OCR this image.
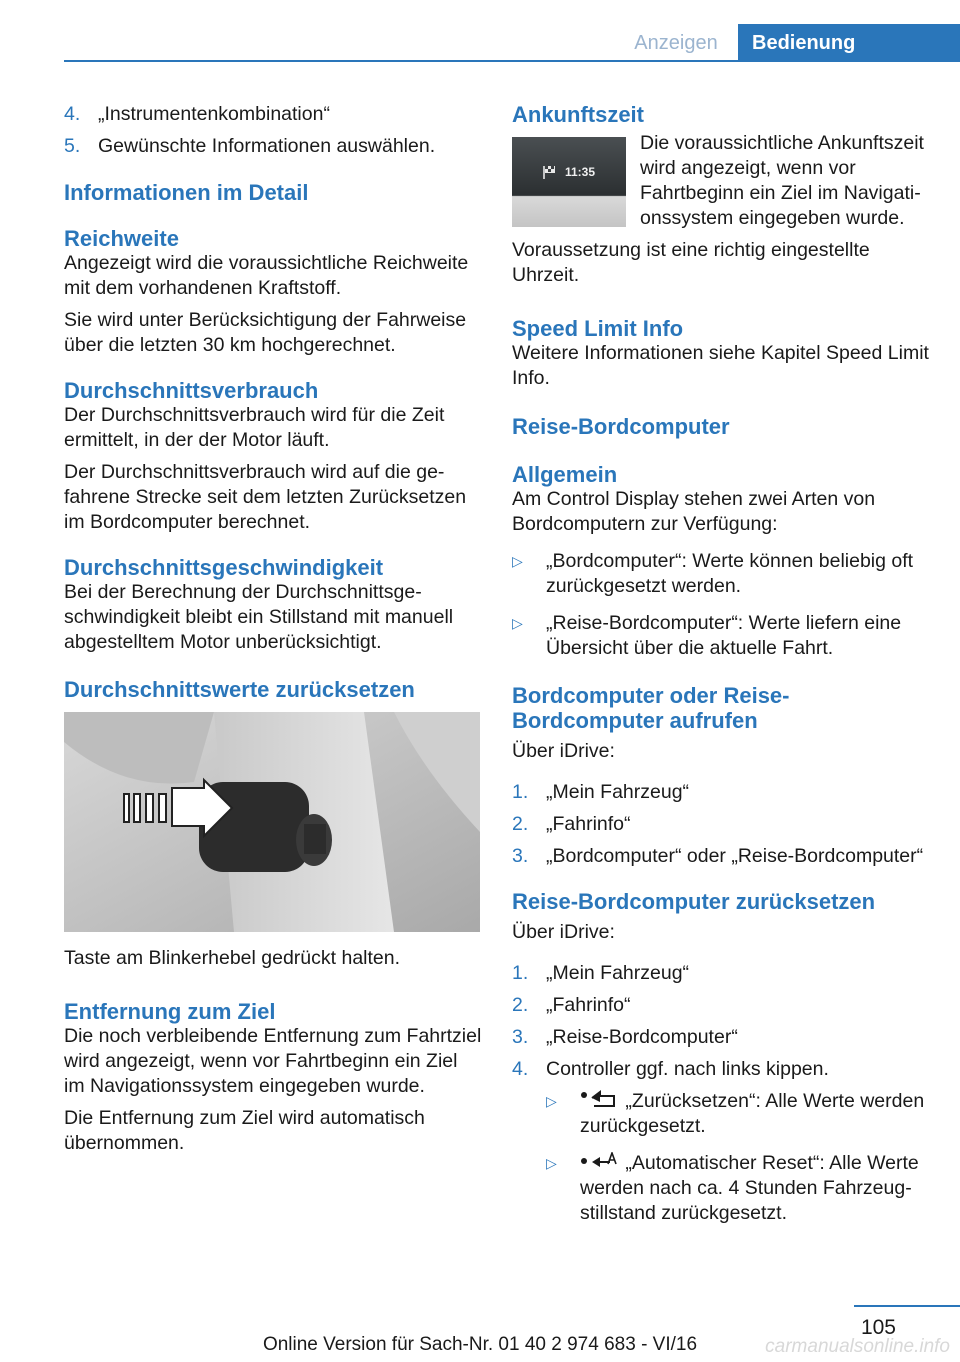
Anzeigen	Bedienung
4. „Instrumentenkombination“
5. Gewünschte Informationen auswählen.
Informationen im Detail
Reichweite

Angezeigt wird die voraussichtliche Reichweite mit dem vorhandenen Kraftstoff.

Sie wird unter Berücksichtigung der Fahrweise über die letzten 30 km hochgerechnet.

Durchschnittsverbrauch

Der Durchschnittsverbrauch wird für die Zeit ermittelt, in der der Motor läuft.

Der Durchschnittsverbrauch wird auf die gefahrene Strecke seit dem letzten Zurücksetzen im Bordcomputer berechnet.

Durchschnittsgeschwindigkeit

Bei der Berechnung der Durchschnittsgeschwindigkeit bleibt ein Stillstand mit manuell abgestelltem Motor unberücksichtigt.

Durchschnittswerte zurücksetzen

Taste am Blinkerhebel gedrückt halten.

Entfernung zum Ziel

Die noch verbleibende Entfernung zum Fahrtziel wird angezeigt, wenn vor Fahrtbeginn ein Ziel im Navigationssystem eingegeben wurde.

Die Entfernung zum Ziel wird automatisch übernommen.

Ankunftszeit
11:35

Die voraussichtliche Ankunftszeit wird angezeigt, wenn vor Fahrtbeginn ein Ziel im Navigationssystem eingegeben wurde.

Voraussetzung ist eine richtig eingestellte Uhrzeit.

Speed Limit Info

Weitere Informationen siehe Kapitel Speed Limit Info.

Reise-Bordcomputer
Allgemein

Am Control Display stehen zwei Arten von Bordcomputern zur Verfügung:

▷ „Bordcomputer“: Werte können beliebig oft zurückgesetzt werden.
▷ „Reise-Bordcomputer“: Werte liefern eine Übersicht über die aktuelle Fahrt.
Bordcomputer oder Reise-Bordcomputer aufrufen

Über iDrive:

1. „Mein Fahrzeug“
2. „Fahrinfo“
3. „Bordcomputer“ oder „Reise-Bordcomputer“
Reise-Bordcomputer zurücksetzen

Über iDrive:

1. „Mein Fahrzeug“
2. „Fahrinfo“
3. „Reise-Bordcomputer“
4. Controller ggf. nach links kippen.
▷	„Zurücksetzen“: Alle Werte werden zurückgesetzt.
▷	„Automatischer Reset“: Alle Werte werden nach ca. 4 Stunden Fahrzeugstillstand zurückgesetzt.
105
Online Version für Sach-Nr. 01 40 2 974 683 - VI/16	carmanualsonline.info
